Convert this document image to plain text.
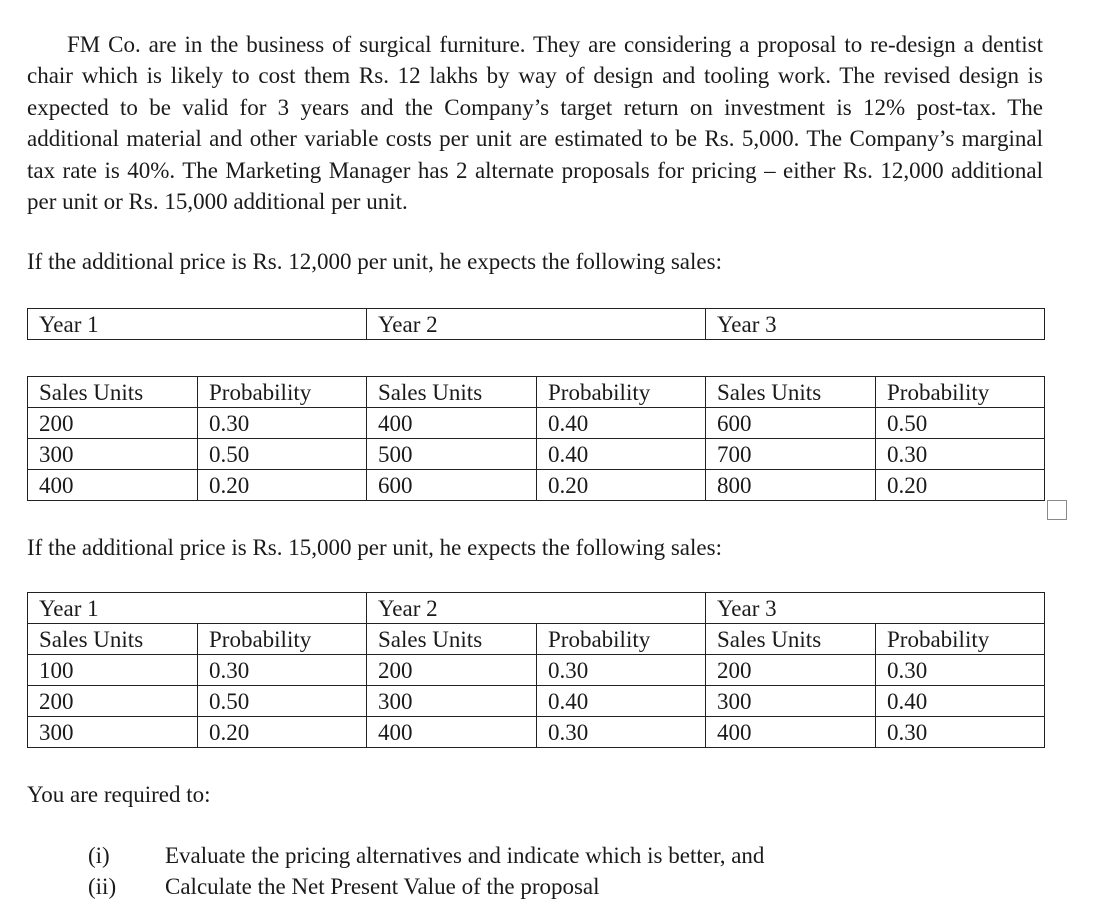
FM Co. are in the business of surgical furniture. They are considering a proposal to re-design a dentist chair which is likely to cost them Rs. 12 lakhs by way of design and tooling work. The revised design is expected to be valid for 3 years and the Company’s target return on investment is 12% post-tax. The additional material and other variable costs per unit are estimated to be Rs. 5,000. The Company’s marginal tax rate is 40%. The Marketing Manager has 2 alternate proposals for pricing – either Rs. 12,000 additional per unit or Rs. 15,000 additional per unit.

If the additional price is Rs. 12,000 per unit, he expects the following sales:

Year 1	Year 2	Year 3
Sales Units	Probability	Sales Units	Probability	Sales Units	Probability
200	0.30	400	0.40	600	0.50
300	0.50	500	0.40	700	0.30
400	0.20	600	0.20	800	0.20

If the additional price is Rs. 15,000 per unit, he expects the following sales:

Year 1	Year 2	Year 3
Sales Units	Probability	Sales Units	Probability	Sales Units	Probability
100	0.30	200	0.30	200	0.30
200	0.50	300	0.40	300	0.40
300	0.20	400	0.30	400	0.30

You are required to:

(i) Evaluate the pricing alternatives and indicate which is better, and
(ii) Calculate the Net Present Value of the proposal
